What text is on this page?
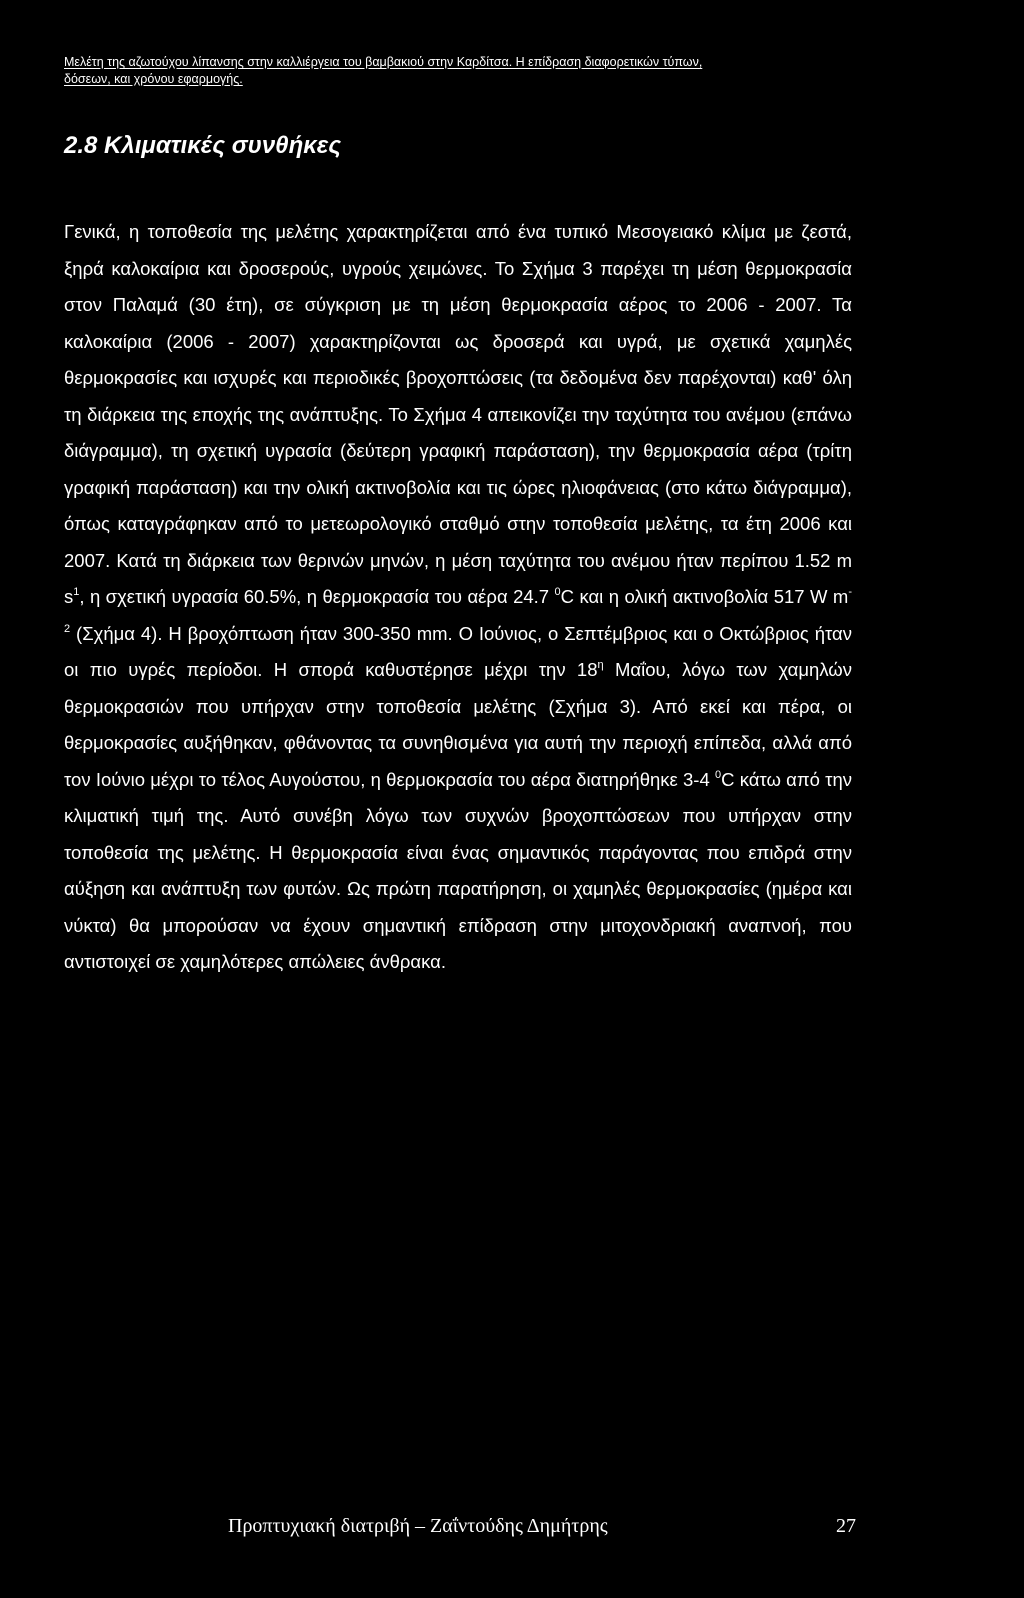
Μελέτη της αζωτούχου λίπανσης στην καλλιέργεια του βαμβακιού στην Καρδίτσα. Η επίδραση διαφορετικών τύπων,
δόσεων, και χρόνου εφαρμογής.
2.8 Κλιματικές συνθήκες

Γενικά, η τοποθεσία της μελέτης χαρακτηρίζεται από ένα τυπικό Μεσογειακό κλίμα με ζεστά, ξηρά καλοκαίρια και δροσερούς, υγρούς χειμώνες. Το Σχήμα 3 παρέχει τη μέση θερμοκρασία στον Παλαμά (30 έτη), σε σύγκριση με τη μέση θερμοκρασία αέρος το 2006 - 2007. Τα καλοκαίρια (2006 - 2007) χαρακτηρίζονται ως δροσερά και υγρά, με σχετικά χαμηλές θερμοκρασίες και ισχυρές και περιοδικές βροχοπτώσεις (τα δεδομένα δεν παρέχονται) καθ' όλη τη διάρκεια της εποχής της ανάπτυξης. Το Σχήμα 4 απεικονίζει την ταχύτητα του ανέμου (επάνω διάγραμμα), τη σχετική υγρασία (δεύτερη γραφική παράσταση), την θερμοκρασία αέρα (τρίτη γραφική παράσταση) και την ολική ακτινοβολία και τις ώρες ηλιοφάνειας (στο κάτω διάγραμμα), όπως καταγράφηκαν από το μετεωρολογικό σταθμό στην τοποθεσία μελέτης, τα έτη 2006 και 2007. Κατά τη διάρκεια των θερινών μηνών, η μέση ταχύτητα του ανέμου ήταν περίπου 1.52 m $s^1$, η σχετική υγρασία 60.5%, η θερμοκρασία του αέρα 24.7 $^0$C και η ολική ακτινοβολία 517 W $m^{-2}$ (Σχήμα 4). Η βροχόπτωση ήταν 300-350 mm. Ο Ιούνιος, ο Σεπτέμβριος και ο Οκτώβριος ήταν οι πιο υγρές περίοδοι. Η σπορά καθυστέρησε μέχρι την $18^\eta$ Μαΐου, λόγω των χαμηλών θερμοκρασιών που υπήρχαν στην τοποθεσία μελέτης (Σχήμα 3). Από εκεί και πέρα, οι θερμοκρασίες αυξήθηκαν, φθάνοντας τα συνηθισμένα για αυτή την περιοχή επίπεδα, αλλά από τον Ιούνιο μέχρι το τέλος Αυγούστου, η θερμοκρασία του αέρα διατηρήθηκε 3-4 $^0$C κάτω από την κλιματική τιμή της. Αυτό συνέβη λόγω των συχνών βροχοπτώσεων που υπήρχαν στην τοποθεσία της μελέτης. Η θερμοκρασία είναι ένας σημαντικός παράγοντας που επιδρά στην αύξηση και ανάπτυξη των φυτών. Ως πρώτη παρατήρηση, οι χαμηλές θερμοκρασίες (ημέρα και νύκτα) θα μπορούσαν να έχουν σημαντική επίδραση στην μιτοχονδριακή αναπνοή, που αντιστοιχεί σε χαμηλότερες απώλειες άνθρακα.

Προπτυχιακή διατριβή – Ζαΐντούδης Δημήτρης	27
